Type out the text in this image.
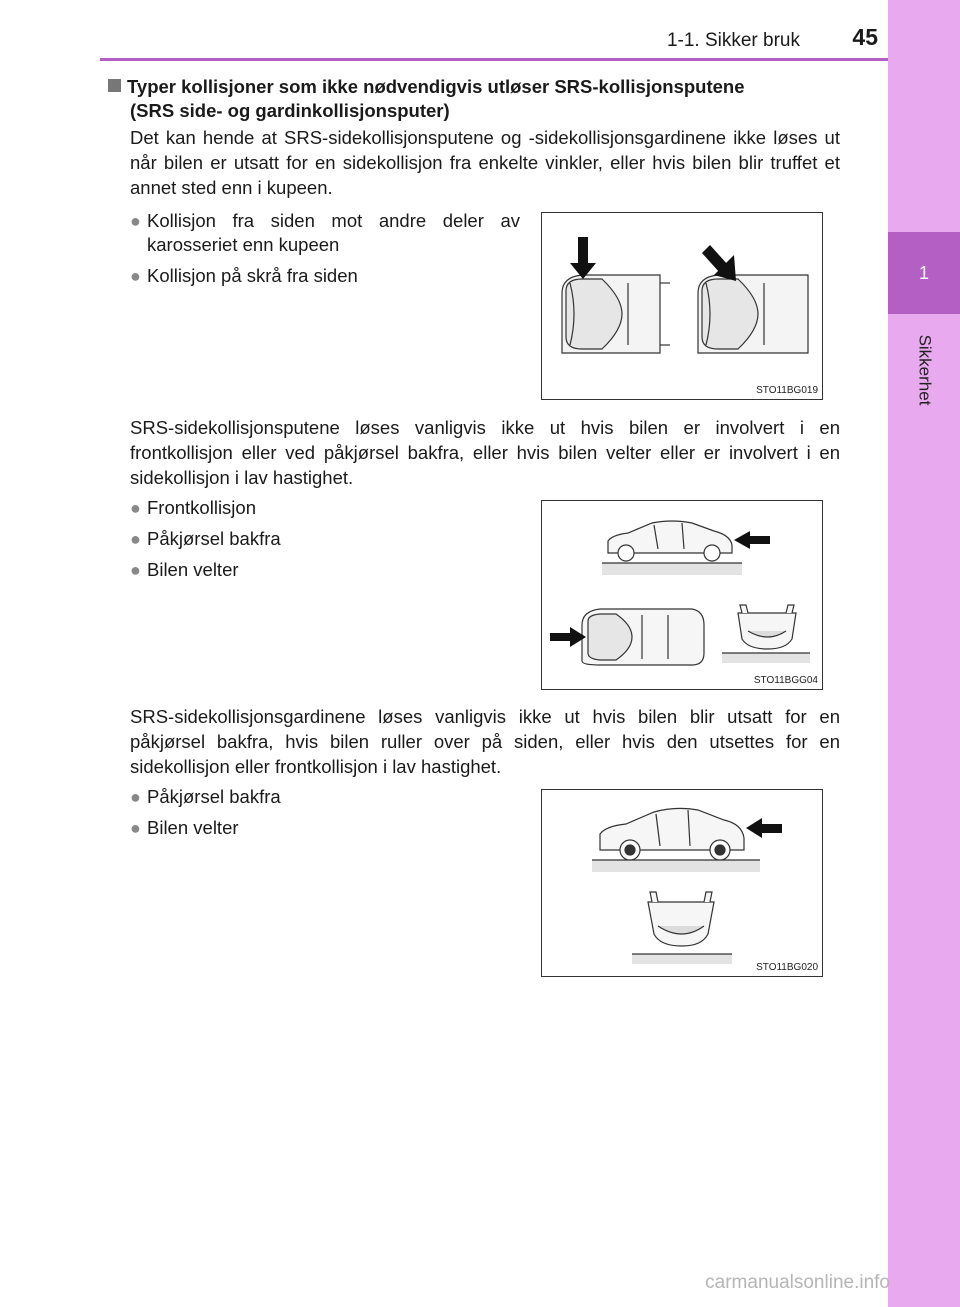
1
Sikkerhet
1-1. Sikker bruk	45
Typer kollisjoner som ikke nødvendigvis utløser SRS-kollisjonsputene
(SRS side- og gardinkollisjonsputer)
Det kan hende at SRS-sidekollisjonsputene og -sidekollisjonsgardinene ikke løses ut når bilen er utsatt for en sidekollisjon fra enkelte vinkler, eller hvis bilen blir truffet et annet sted enn i kupeen.
● Kollisjon fra siden mot andre deler av karosseriet enn kupeen
● Kollisjon på skrå fra siden
STO11BG019
SRS-sidekollisjonsputene løses vanligvis ikke ut hvis bilen er involvert i en frontkollisjon eller ved påkjørsel bakfra, eller hvis bilen velter eller er involvert i en sidekollisjon i lav hastighet.
● Frontkollisjon
● Påkjørsel bakfra
● Bilen velter
STO11BGG04
SRS-sidekollisjonsgardinene løses vanligvis ikke ut hvis bilen blir utsatt for en påkjørsel bakfra, hvis bilen ruller over på siden, eller hvis den utsettes for en sidekollisjon eller frontkollisjon i lav hastighet.
● Påkjørsel bakfra
● Bilen velter
STO11BG020
carmanualsonline.info
